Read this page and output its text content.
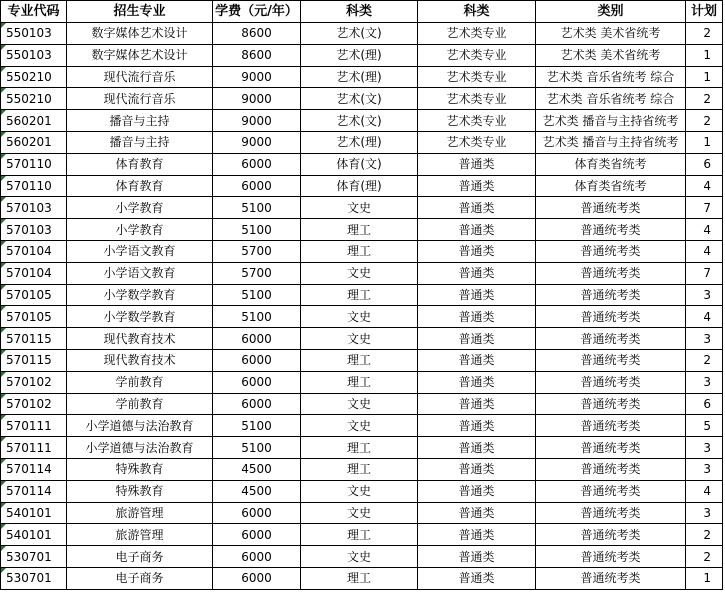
专业代码	招生专业	学费（元/年）	科类	科类	类别	计划
550103	数字媒体艺术设计	8600	艺术(文)	艺术类专业	艺术类 美术省统考	2
550103	数字媒体艺术设计	8600	艺术(理)	艺术类专业	艺术类 美术省统考	1
550210	现代流行音乐	9000	艺术(理)	艺术类专业	艺术类 音乐省统考 综合	1
550210	现代流行音乐	9000	艺术(文)	艺术类专业	艺术类 音乐省统考 综合	2
560201	播音与主持	9000	艺术(文)	艺术类专业	艺术类 播音与主持省统考	2
560201	播音与主持	9000	艺术(理)	艺术类专业	艺术类 播音与主持省统考	1
570110	体育教育	6000	体育(文)	普通类	体育类省统考	6
570110	体育教育	6000	体育(理)	普通类	体育类省统考	4
570103	小学教育	5100	文史	普通类	普通统考类	7
570103	小学教育	5100	理工	普通类	普通统考类	4
570104	小学语文教育	5700	理工	普通类	普通统考类	4
570104	小学语文教育	5700	文史	普通类	普通统考类	7
570105	小学数学教育	5100	理工	普通类	普通统考类	3
570105	小学数学教育	5100	文史	普通类	普通统考类	4
570115	现代教育技术	6000	文史	普通类	普通统考类	3
570115	现代教育技术	6000	理工	普通类	普通统考类	2
570102	学前教育	6000	理工	普通类	普通统考类	3
570102	学前教育	6000	文史	普通类	普通统考类	6
570111	小学道德与法治教育	5100	文史	普通类	普通统考类	5
570111	小学道德与法治教育	5100	理工	普通类	普通统考类	3
570114	特殊教育	4500	理工	普通类	普通统考类	3
570114	特殊教育	4500	文史	普通类	普通统考类	4
540101	旅游管理	6000	文史	普通类	普通统考类	3
540101	旅游管理	6000	理工	普通类	普通统考类	2
530701	电子商务	6000	文史	普通类	普通统考类	2
530701	电子商务	6000	理工	普通类	普通统考类	1
